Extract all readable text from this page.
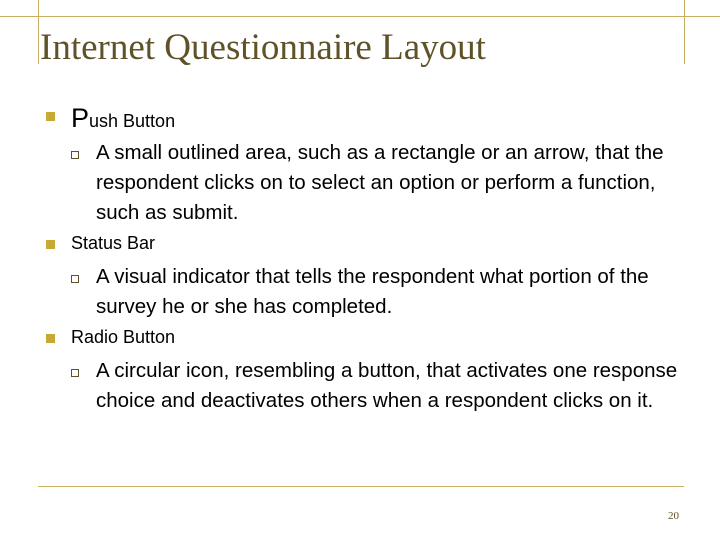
Internet Questionnaire Layout
Push Button
A small outlined area, such as a rectangle or an arrow, that the respondent clicks on to select an option or perform a function, such as submit.
Status Bar
A visual indicator that tells the respondent what portion of the survey he or she has completed.
Radio Button
A circular icon, resembling a button, that activates one response choice and deactivates others when a respondent clicks on it.
20
